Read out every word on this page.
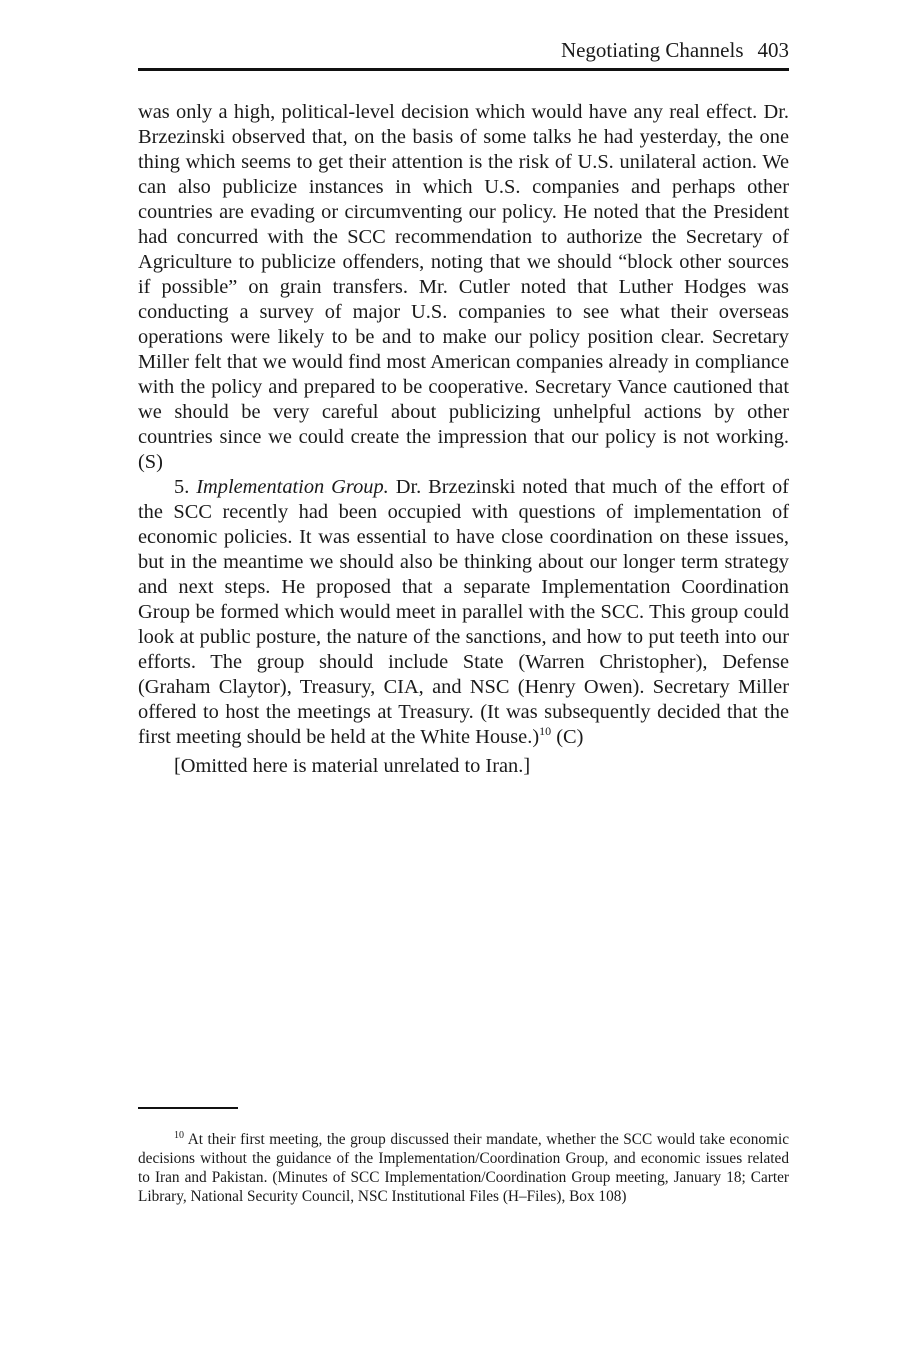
Negotiating Channels 403

was only a high, political-level decision which would have any real effect. Dr. Brzezinski observed that, on the basis of some talks he had yesterday, the one thing which seems to get their attention is the risk of U.S. unilateral action. We can also publicize instances in which U.S. companies and perhaps other countries are evading or circumventing our policy. He noted that the President had concurred with the SCC recommendation to authorize the Secretary of Agriculture to publicize offenders, noting that we should “block other sources if possible” on grain transfers. Mr. Cutler noted that Luther Hodges was conducting a survey of major U.S. companies to see what their overseas operations were likely to be and to make our policy position clear. Secretary Miller felt that we would find most American companies already in compliance with the policy and prepared to be cooperative. Secretary Vance cautioned that we should be very careful about publicizing unhelpful actions by other countries since we could create the impression that our policy is not working. (S)

5. Implementation Group. Dr. Brzezinski noted that much of the effort of the SCC recently had been occupied with questions of implementation of economic policies. It was essential to have close coordination on these issues, but in the meantime we should also be thinking about our longer term strategy and next steps. He proposed that a separate Implementation Coordination Group be formed which would meet in parallel with the SCC. This group could look at public posture, the nature of the sanctions, and how to put teeth into our efforts. The group should include State (Warren Christopher), Defense (Graham Claytor), Treasury, CIA, and NSC (Henry Owen). Secretary Miller offered to host the meetings at Treasury. (It was subsequently decided that the first meeting should be held at the White House.)$^{10}$ (C)

[Omitted here is material unrelated to Iran.]

$^{10}$ At their first meeting, the group discussed their mandate, whether the SCC would take economic decisions without the guidance of the Implementation/Coordination Group, and economic issues related to Iran and Pakistan. (Minutes of SCC Implementation/Coordination Group meeting, January 18; Carter Library, National Security Council, NSC Institutional Files (H–Files), Box 108)
